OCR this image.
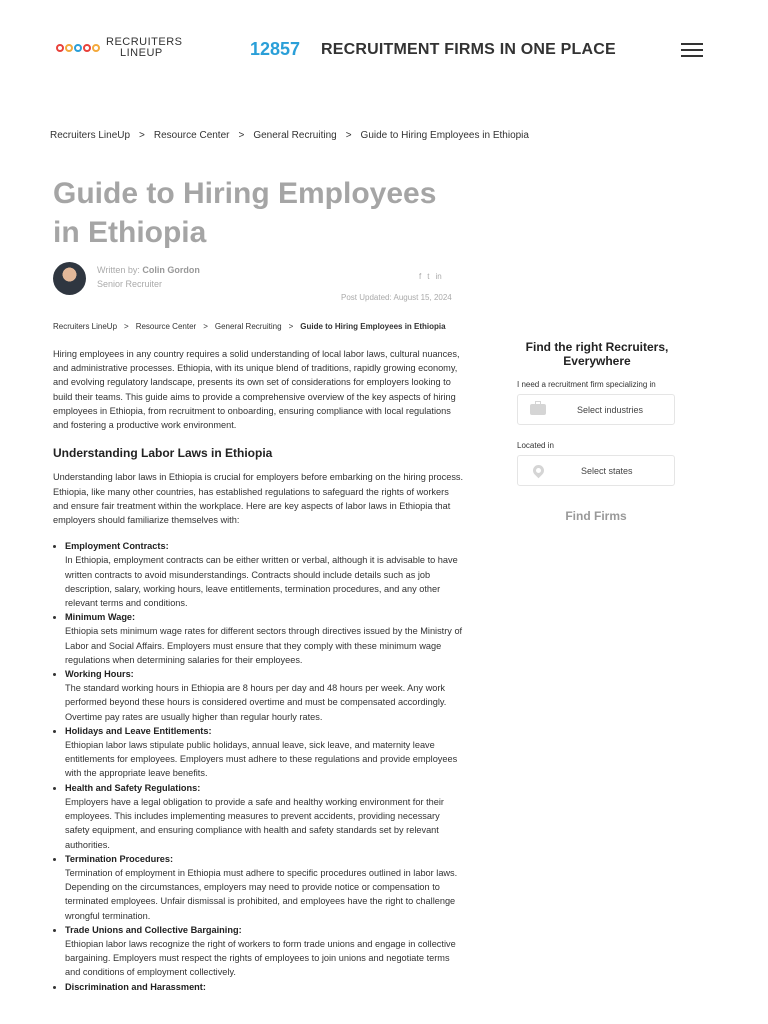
RECRUITERS
LINEUP	12857 RECRUITMENT FIRMS IN ONE PLACE
Recruiters LineUp > Resource Center > General Recruiting > Guide to Hiring Employees in Ethiopia
Guide to Hiring Employees in Ethiopia
Written by: Colin Gordon
Senior Recruiter
f t in
Post Updated: August 15, 2024
Recruiters LineUp > Resource Center > General Recruiting > Guide to Hiring Employees in Ethiopia

Hiring employees in any country requires a solid understanding of local labor laws, cultural nuances, and administrative processes. Ethiopia, with its unique blend of traditions, rapidly growing economy, and evolving regulatory landscape, presents its own set of considerations for employers looking to build their teams. This guide aims to provide a comprehensive overview of the key aspects of hiring employees in Ethiopia, from recruitment to onboarding, ensuring compliance with local regulations and fostering a productive work environment.

Understanding Labor Laws in Ethiopia

Understanding labor laws in Ethiopia is crucial for employers before embarking on the hiring process. Ethiopia, like many other countries, has established regulations to safeguard the rights of workers and ensure fair treatment within the workplace. Here are key aspects of labor laws in Ethiopia that employers should familiarize themselves with:

• Employment Contracts:
In Ethiopia, employment contracts can be either written or verbal, although it is advisable to have written contracts to avoid misunderstandings. Contracts should include details such as job description, salary, working hours, leave entitlements, termination procedures, and any other relevant terms and conditions.
• Minimum Wage:
Ethiopia sets minimum wage rates for different sectors through directives issued by the Ministry of Labor and Social Affairs. Employers must ensure that they comply with these minimum wage regulations when determining salaries for their employees.
• Working Hours:
The standard working hours in Ethiopia are 8 hours per day and 48 hours per week. Any work performed beyond these hours is considered overtime and must be compensated accordingly. Overtime pay rates are usually higher than regular hourly rates.
• Holidays and Leave Entitlements:
Ethiopian labor laws stipulate public holidays, annual leave, sick leave, and maternity leave entitlements for employees. Employers must adhere to these regulations and provide employees with the appropriate leave benefits.
• Health and Safety Regulations:
Employers have a legal obligation to provide a safe and healthy working environment for their employees. This includes implementing measures to prevent accidents, providing necessary safety equipment, and ensuring compliance with health and safety standards set by relevant authorities.
• Termination Procedures:
Termination of employment in Ethiopia must adhere to specific procedures outlined in labor laws. Depending on the circumstances, employers may need to provide notice or compensation to terminated employees. Unfair dismissal is prohibited, and employees have the right to challenge wrongful termination.
• Trade Unions and Collective Bargaining:
Ethiopian labor laws recognize the right of workers to form trade unions and engage in collective bargaining. Employers must respect the rights of employees to join unions and negotiate terms and conditions of employment collectively.
• Discrimination and Harassment:

Find the right Recruiters, Everywhere

I need a recruitment firm specializing in
Select industries
Located in
Select states
Find Firms
